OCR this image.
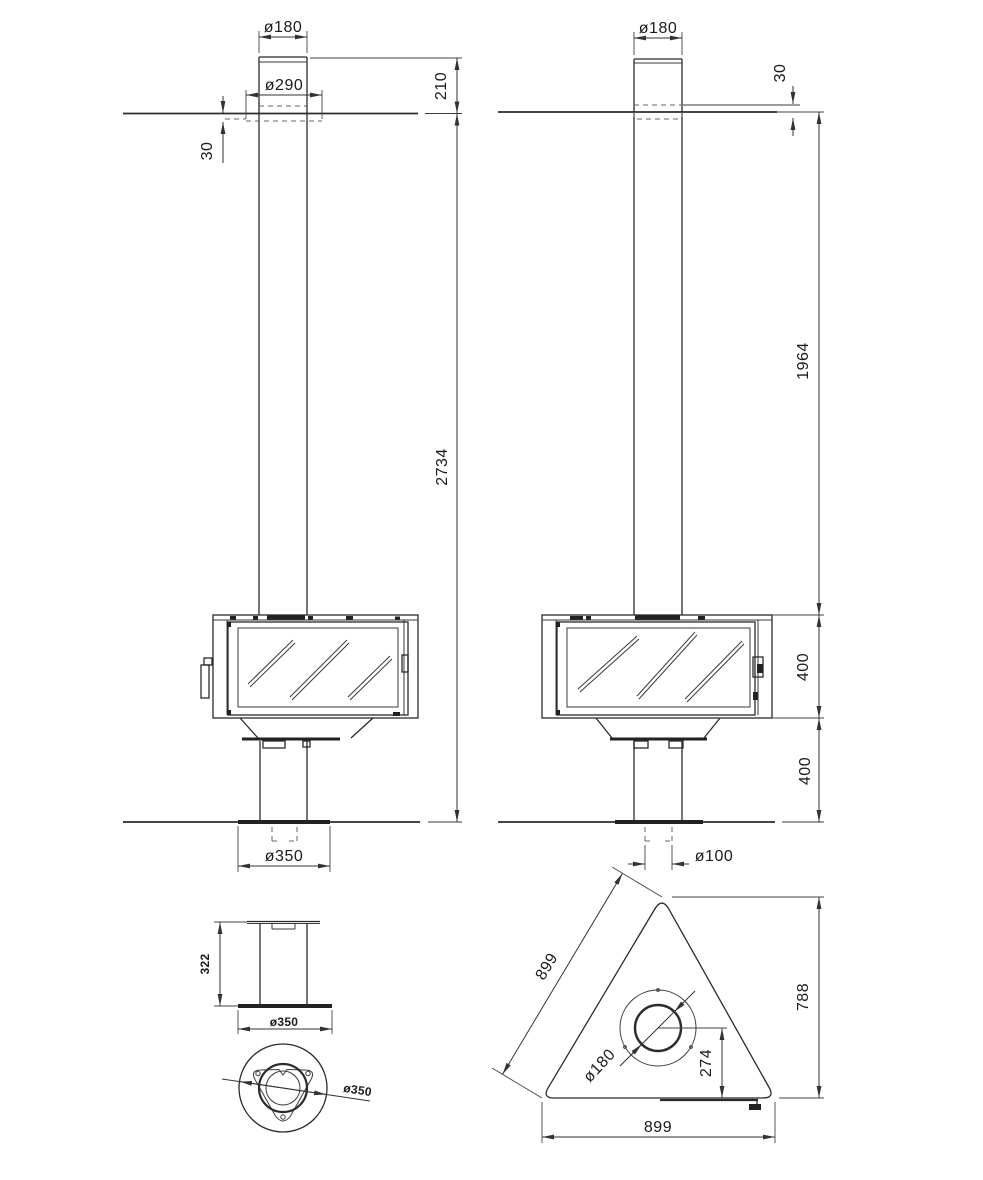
ø180
ø290
30
210
2734
ø350
ø180
30
1964
400
400
ø100
322
ø350
ø350
ø180	274
788
899
899
